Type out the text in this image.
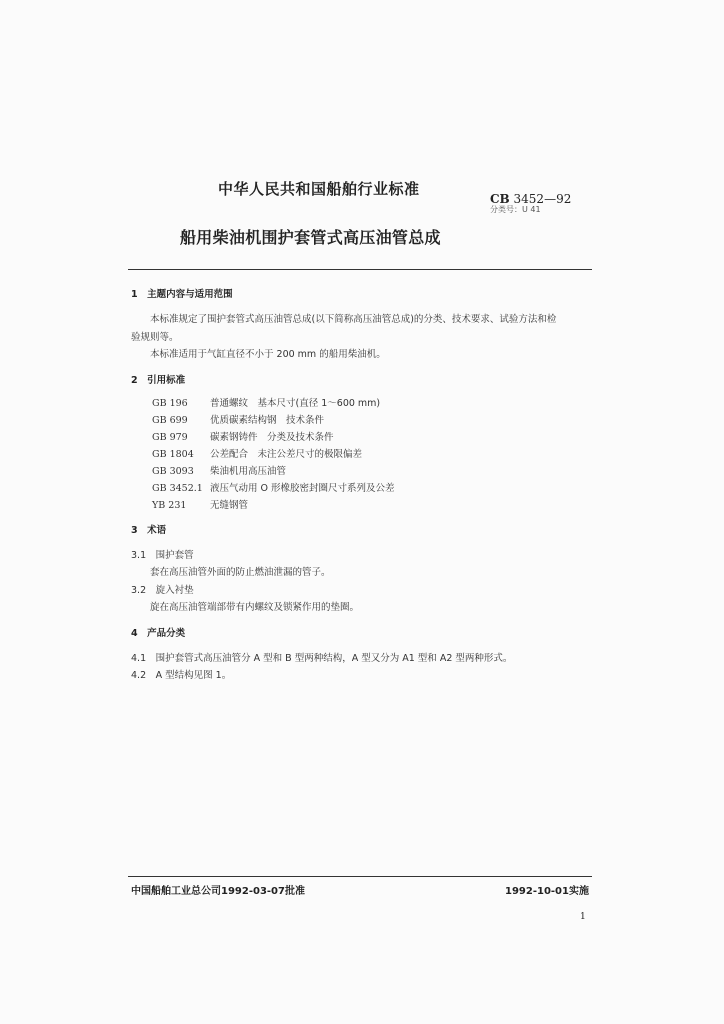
中华人民共和国船舶行业标准
CB 3452—92
分类号：U 41
船用柴油机围护套管式高压油管总成
1　主题内容与适用范围
本标准规定了围护套管式高压油管总成(以下简称高压油管总成)的分类、技术要求、试验方法和检
验规则等。
本标准适用于气缸直径不小于 200 mm 的船用柴油机。
2　引用标准
GB 196 普通螺纹　基本尺寸(直径 1～600 mm)
GB 699 优质碳素结构钢　技术条件
GB 979 碳素钢铸件　分类及技术条件
GB 1804 公差配合　未注公差尺寸的极限偏差
GB 3093 柴油机用高压油管
GB 3452.1 液压气动用 O 形橡胶密封圈尺寸系列及公差
YB 231 无缝钢管
3　术语
3.1　围护套管
套在高压油管外面的防止燃油泄漏的管子。
3.2　旋入衬垫
旋在高压油管端部带有内螺纹及锁紧作用的垫圈。
4　产品分类
4.1　围护套管式高压油管分 A 型和 B 型两种结构，A 型又分为 A1 型和 A2 型两种形式。
4.2　A 型结构见图 1。
中国船舶工业总公司1992-03-07批准	1992-10-01实施
1
